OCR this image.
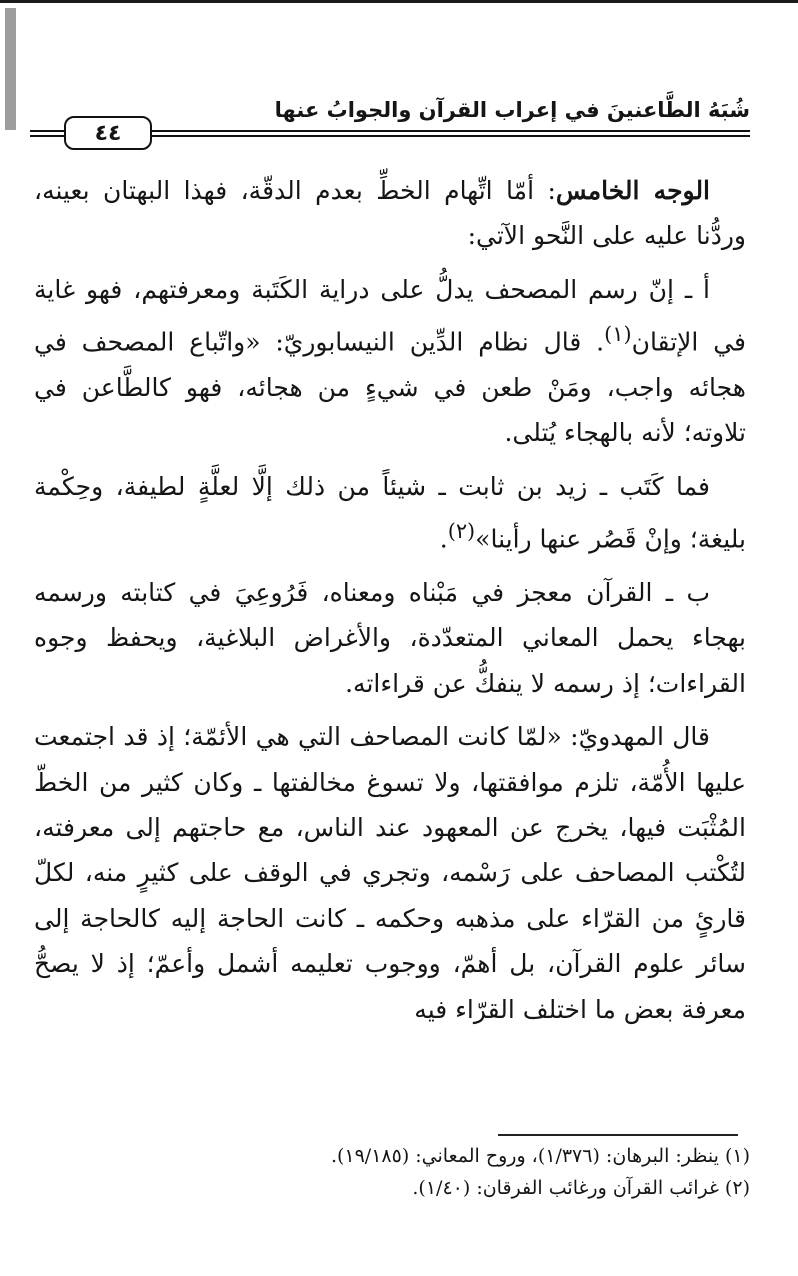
شُبَهُ الطَّاعنينَ في إعراب القرآن والجوابُ عنها
٤٤

الوجه الخامس: أمّا اتِّهام الخطِّ بعدم الدقّة، فهذا البهتان بعينه، وردُّنا عليه على النَّحو الآتي:

أ ـ إنّ رسم المصحف يدلُّ على دراية الكَتَبة ومعرفتهم، فهو غاية في الإتقان$^{(١)}$. قال نظام الدِّين النيسابوريّ: «واتّباع المصحف في هجائه واجب، ومَنْ طعن في شيءٍ من هجائه، فهو كالطَّاعن في تلاوته؛ لأنه بالهجاء يُتلى.

فما كَتَب ـ زيد بن ثابت ـ شيئاً من ذلك إلَّا لعلَّةٍ لطيفة، وحِكْمة بليغة؛ وإنْ قَصُر عنها رأينا»$^{(٢)}$.

ب ـ القرآن معجز في مَبْناه ومعناه، فَرُوعِيَ في كتابته ورسمه بهجاء يحمل المعاني المتعدّدة، والأغراض البلاغية، ويحفظ وجوه القراءات؛ إذ رسمه لا ينفكُّ عن قراءاته.

قال المهدويّ: «لمّا كانت المصاحف التي هي الأئمّة؛ إذ قد اجتمعت عليها الأُمّة، تلزم موافقتها، ولا تسوغ مخالفتها ـ وكان كثير من الخطّ المُثْبَت فيها، يخرج عن المعهود عند الناس، مع حاجتهم إلى معرفته، لتُكْتب المصاحف على رَسْمه، وتجري في الوقف على كثيرٍ منه، لكلّ قارئٍ من القرّاء على مذهبه وحكمه ـ كانت الحاجة إليه كالحاجة إلى سائر علوم القرآن، بل أهمّ، ووجوب تعليمه أشمل وأعمّ؛ إذ لا يصحُّ معرفة بعض ما اختلف القرّاء فيه

(١) ينظر: البرهان: (١/٣٧٦)، وروح المعاني: (١٩/١٨٥).
(٢) غرائب القرآن ورغائب الفرقان: (١/٤٠).
